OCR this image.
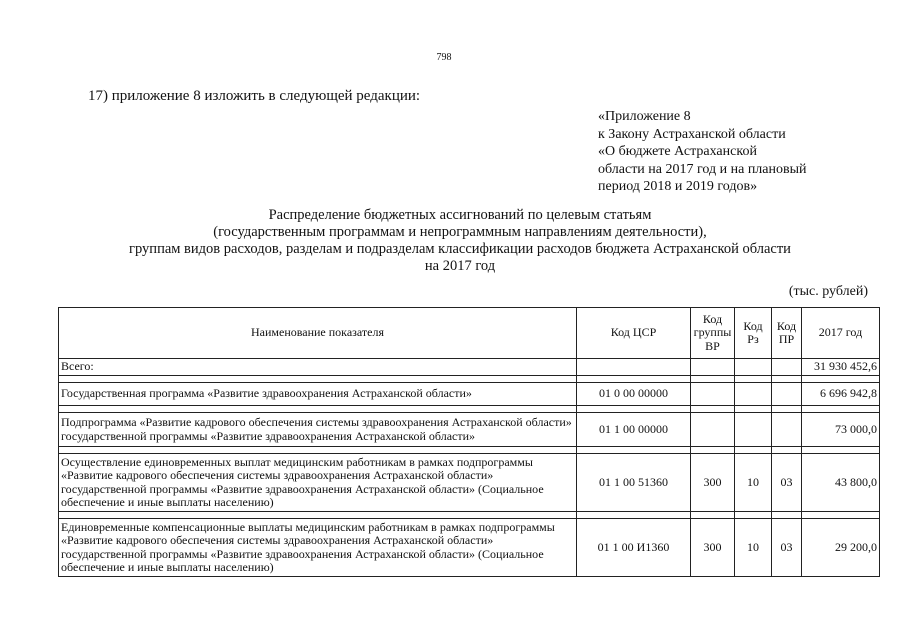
798
17) приложение 8 изложить в следующей редакции:
«Приложение 8
к Закону Астраханской области
«О бюджете Астраханской
области на 2017 год и на плановый
период 2018 и 2019 годов»
Распределение бюджетных ассигнований по целевым статьям
(государственным программам и непрограммным направлениям деятельности),
группам видов расходов, разделам и подразделам классификации расходов бюджета Астраханской области
на 2017 год
(тыс. рублей)
Наименование показателя	Код ЦСР	Код группы ВР	Код Рз	Код ПР	2017 год
Всего:					31 930 452,6

Государственная программа «Развитие здравоохранения Астраханской области»	01 0 00 00000				6 696 942,8

Подпрограмма «Развитие кадрового обеспечения системы здравоохранения Астраханской области» государственной программы «Развитие здравоохранения Астраханской области»	01 1 00 00000				73 000,0

Осуществление единовременных выплат медицинским работникам в рамках подпрограммы «Развитие кадрового обеспечения системы здравоохранения Астраханской области» государственной программы «Развитие здравоохранения Астраханской области» (Социальное обеспечение и иные выплаты населению)	01 1 00 51360	300	10	03	43 800,0

Единовременные компенсационные выплаты медицинским работникам в рамках подпрограммы «Развитие кадрового обеспечения системы здравоохранения Астраханской области» государственной программы «Развитие здравоохранения Астраханской области» (Социальное обеспечение и иные выплаты населению)	01 1 00 И1360	300	10	03	29 200,0
